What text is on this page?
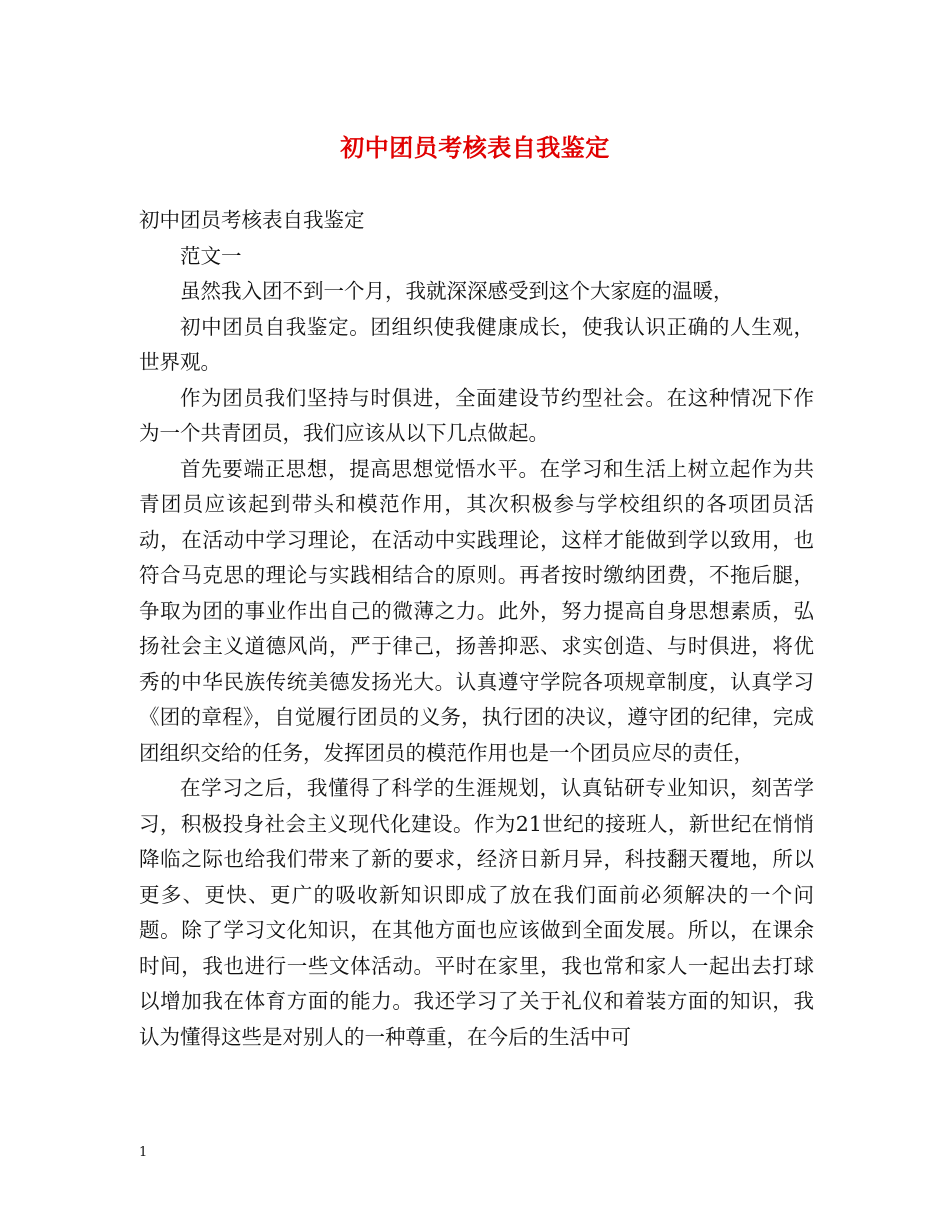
初中团员考核表自我鉴定

初中团员考核表自我鉴定

范文一

虽然我入团不到一个月，我就深深感受到这个大家庭的温暖，

初中团员自我鉴定。团组织使我健康成长，使我认识正确的人生观，世界观。

作为团员我们坚持与时俱进，全面建设节约型社会。在这种情况下作为一个共青团员，我们应该从以下几点做起。

首先要端正思想，提高思想觉悟水平。在学习和生活上树立起作为共青团员应该起到带头和模范作用，其次积极参与学校组织的各项团员活动，在活动中学习理论，在活动中实践理论，这样才能做到学以致用，也符合马克思的理论与实践相结合的原则。再者按时缴纳团费，不拖后腿，争取为团的事业作出自己的微薄之力。此外，努力提高自身思想素质，弘扬社会主义道德风尚，严于律己，扬善抑恶、求实创造、与时俱进，将优秀的中华民族传统美德发扬光大。认真遵守学院各项规章制度，认真学习《团的章程》，自觉履行团员的义务，执行团的决议，遵守团的纪律，完成团组织交给的任务，发挥团员的模范作用也是一个团员应尽的责任，

在学习之后，我懂得了科学的生涯规划，认真钻研专业知识，刻苦学习，积极投身社会主义现代化建设。作为21世纪的接班人，新世纪在悄悄降临之际也给我们带来了新的要求，经济日新月异，科技翻天覆地，所以更多、更快、更广的吸收新知识即成了放在我们面前必须解决的一个问题。除了学习文化知识，在其他方面也应该做到全面发展。所以，在课余时间，我也进行一些文体活动。平时在家里，我也常和家人一起出去打球以增加我在体育方面的能力。我还学习了关于礼仪和着装方面的知识，我认为懂得这些是对别人的一种尊重，在今后的生活中可

1
